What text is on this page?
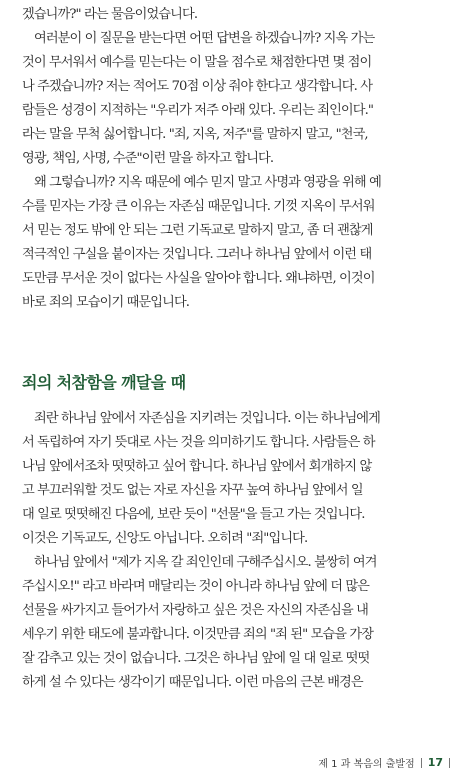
겠습니까?" 라는 물음이었습니다.
여러분이 이 질문을 받는다면 어떤 답변을 하겠습니까? 지옥 가는
것이 무서워서 예수를 믿는다는 이 말을 점수로 채점한다면 몇 점이
나 주겠습니까? 저는 적어도 70점 이상 줘야 한다고 생각합니다. 사
람들은 성경이 지적하는 "우리가 저주 아래 있다. 우리는 죄인이다."
라는 말을 무척 싫어합니다. "죄, 지옥, 저주"를 말하지 말고, "천국,
영광, 책임, 사명, 수준"이런 말을 하자고 합니다.
왜 그렇습니까? 지옥 때문에 예수 믿지 말고 사명과 영광을 위해 예
수를 믿자는 가장 큰 이유는 자존심 때문입니다. 기껏 지옥이 무서워
서 믿는 정도 밖에 안 되는 그런 기독교로 말하지 말고, 좀 더 괜찮게
적극적인 구실을 붙이자는 것입니다. 그러나 하나님 앞에서 이런 태
도만큼 무서운 것이 없다는 사실을 알아야 합니다. 왜냐하면, 이것이
바로 죄의 모습이기 때문입니다.
죄의 처참함을 깨달을 때
죄란 하나님 앞에서 자존심을 지키려는 것입니다. 이는 하나님에게
서 독립하여 자기 뜻대로 사는 것을 의미하기도 합니다. 사람들은 하
나님 앞에서조차 떳떳하고 싶어 합니다. 하나님 앞에서 회개하지 않
고 부끄러워할 것도 없는 자로 자신을 자꾸 높여 하나님 앞에서 일
대 일로 떳떳해진 다음에, 보란 듯이 "선물"을 들고 가는 것입니다.
이것은 기독교도, 신앙도 아닙니다. 오히려 "죄"입니다.
하나님 앞에서 "제가 지옥 갈 죄인인데 구해주십시오. 불쌍히 여겨
주십시오!" 라고 바라며 매달리는 것이 아니라 하나님 앞에 더 많은
선물을 싸가지고 들어가서 자랑하고 싶은 것은 자신의 자존심을 내
세우기 위한 태도에 불과합니다. 이것만큼 죄의 "죄 된" 모습을 가장
잘 감추고 있는 것이 없습니다. 그것은 하나님 앞에 일 대 일로 떳떳
하게 설 수 있다는 생각이기 때문입니다. 이런 마음의 근본 배경은
제 1 과 복음의 출발점 17
